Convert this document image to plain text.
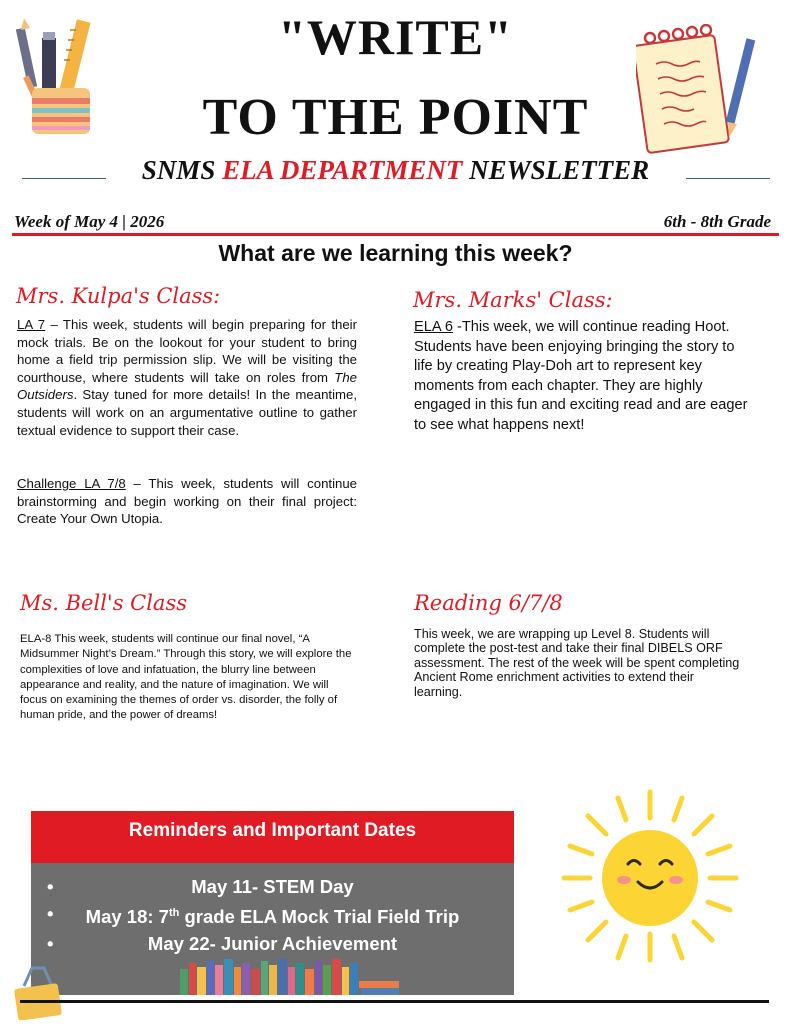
"WRITE"
TO THE POINT
SNMS ELA DEPARTMENT NEWSLETTER
Week of May 4 | 2026	6th - 8th Grade
What are we learning this week?
Mrs. Kulpa's Class:
LA 7 – This week, students will begin preparing for their mock trials. Be on the lookout for your student to bring home a field trip permission slip. We will be visiting the courthouse, where students will take on roles from The Outsiders. Stay tuned for more details! In the meantime, students will work on an argumentative outline to gather textual evidence to support their case.
Challenge LA 7/8 – This week, students will continue brainstorming and begin working on their final project: Create Your Own Utopia.
Mrs. Marks' Class:
ELA 6 -This week, we will continue reading Hoot. Students have been enjoying bringing the story to life by creating Play-Doh art to represent key moments from each chapter. They are highly engaged in this fun and exciting read and are eager to see what happens next!
Ms. Bell's Class
ELA-8 This week, students will continue our final novel, “A Midsummer Night’s Dream.” Through this story, we will explore the complexities of love and infatuation, the blurry line between appearance and reality, and the nature of imagination. We will focus on examining the themes of order vs. disorder, the folly of human pride, and the power of dreams!
Reading 6/7/8
This week, we are wrapping up Level 8. Students will complete the post-test and take their final DIBELS ORF assessment. The rest of the week will be spent completing Ancient Rome enrichment activities to extend their learning.
Reminders and Important Dates
• May 11- STEM Day
• May 18: 7th grade ELA Mock Trial Field Trip
• May 22- Junior Achievement
